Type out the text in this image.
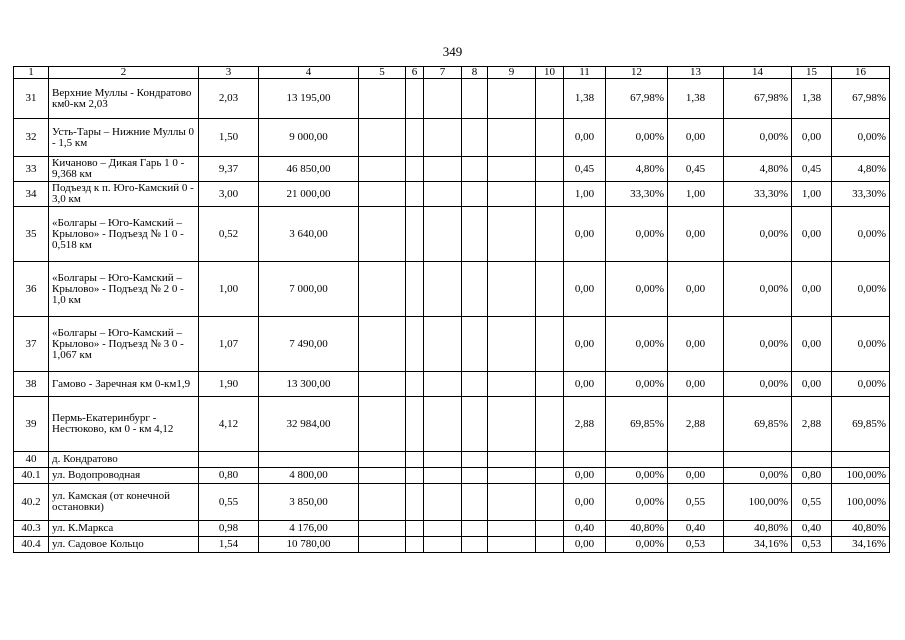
349
1	2	3	4	5	6	7	8	9	10	11	12	13	14	15	16
31	Верхние Муллы - Кондратово км0-км 2,03	2,03	13 195,00							1,38	67,98%	1,38	67,98%	1,38	67,98%
32	Усть-Тары – Нижние Муллы 0 - 1,5 км	1,50	9 000,00							0,00	0,00%	0,00	0,00%	0,00	0,00%
33	Кичаново – Дикая Гарь 1 0 - 9,368 км	9,37	46 850,00							0,45	4,80%	0,45	4,80%	0,45	4,80%
34	Подъезд к п. Юго-Камский 0 - 3,0 км	3,00	21 000,00							1,00	33,30%	1,00	33,30%	1,00	33,30%
35	«Болгары – Юго-Камский – Крылово» - Подъезд № 1 0 - 0,518 км	0,52	3 640,00							0,00	0,00%	0,00	0,00%	0,00	0,00%
36	«Болгары – Юго-Камский – Крылово» - Подъезд № 2 0 - 1,0 км	1,00	7 000,00							0,00	0,00%	0,00	0,00%	0,00	0,00%
37	«Болгары – Юго-Камский – Крылово» - Подъезд № 3 0 - 1,067 км	1,07	7 490,00							0,00	0,00%	0,00	0,00%	0,00	0,00%
38	Гамово - Заречная км 0-км1,9	1,90	13 300,00							0,00	0,00%	0,00	0,00%	0,00	0,00%
39	Пермь-Екатеринбург - Нестюково, км 0 - км 4,12	4,12	32 984,00							2,88	69,85%	2,88	69,85%	2,88	69,85%
40	д. Кондратово														
40.1	ул. Водопроводная	0,80	4 800,00							0,00	0,00%	0,00	0,00%	0,80	100,00%
40.2	ул. Камская (от конечной остановки)	0,55	3 850,00							0,00	0,00%	0,55	100,00%	0,55	100,00%
40.3	ул. К.Маркса	0,98	4 176,00							0,40	40,80%	0,40	40,80%	0,40	40,80%
40.4	ул. Садовое Кольцо	1,54	10 780,00							0,00	0,00%	0,53	34,16%	0,53	34,16%
